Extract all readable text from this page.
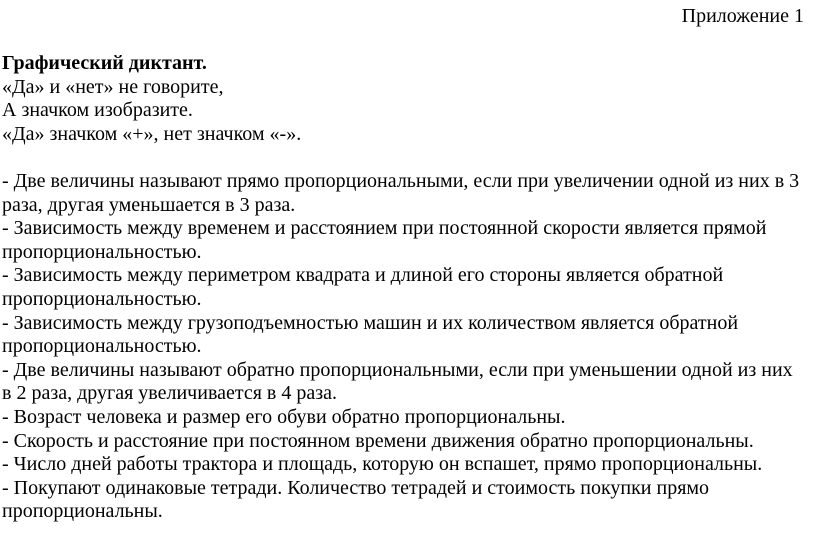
Приложение 1

Графический диктант.

«Да» и «нет» не говорите,

А значком изобразите.

«Да» значком «+», нет значком «-».

- Две величины называют прямо пропорциональными, если при увеличении одной из них в 3 раза, другая уменьшается в 3 раза.

- Зависимость между временем и расстоянием при постоянной скорости является прямой пропорциональностью.

- Зависимость между периметром квадрата и длиной его стороны является обратной пропорциональностью.

- Зависимость между грузоподъемностью машин и их количеством является обратной пропорциональностью.

- Две величины называют обратно пропорциональными, если при уменьшении одной из них в 2 раза, другая увеличивается в 4 раза.

- Возраст человека и размер его обуви обратно пропорциональны.

- Скорость и расстояние при постоянном времени движения обратно пропорциональны.

- Число дней работы трактора и площадь, которую он вспашет, прямо пропорциональны.

- Покупают одинаковые тетради. Количество тетрадей и стоимость покупки прямо пропорциональны.
